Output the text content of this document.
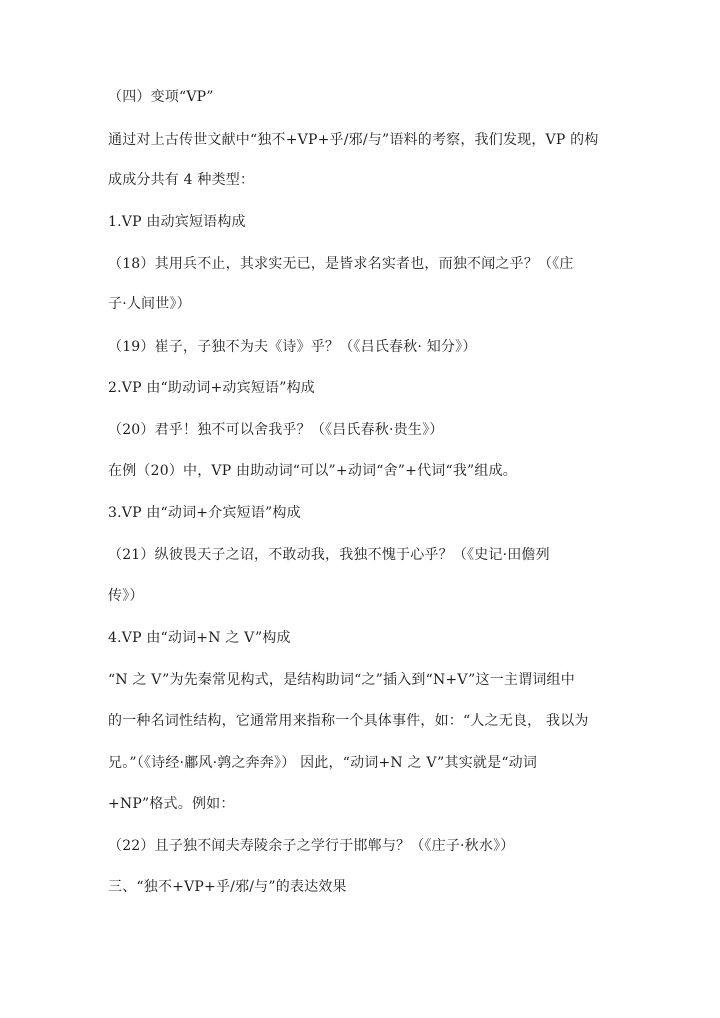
（四）变项“VP”
通过对上古传世文献中“独不+VP+乎/邪/与”语料的考察，我们发现，VP 的构
成成分共有 4 种类型：
1.VP 由动宾短语构成
（18）其用兵不止，其求实无已，是皆求名实者也，而独不闻之乎？（《庄
子·人间世》）
（19）崔子，子独不为夫《诗》乎？（《吕氏春秋· 知分》）
2.VP 由“助动词+动宾短语”构成
（20）君乎！独不可以舍我乎？（《吕氏春秋·贵生》）
在例（20）中，VP 由助动词“可以”+动词“舍”+代词“我”组成。
3.VP 由“动词+介宾短语”构成
（21）纵彼畏天子之诏，不敢动我，我独不愧于心乎？（《史记·田儋列
传》）
4.VP 由“动词+N 之 V”构成
“N 之 V”为先秦常见构式，是结构助词“之”插入到“N+V”这一主谓词组中
的一种名词性结构，它通常用来指称一个具体事件，如：“人之无良， 我以为
兄。”（《诗经·鄘风·鹑之奔奔》） 因此，“动词+N 之 V”其实就是“动词
+NP”格式。例如：
（22）且子独不闻夫寿陵余子之学行于邯郸与？（《庄子·秋水》）
三、“独不+VP+乎/邪/与”的表达效果
